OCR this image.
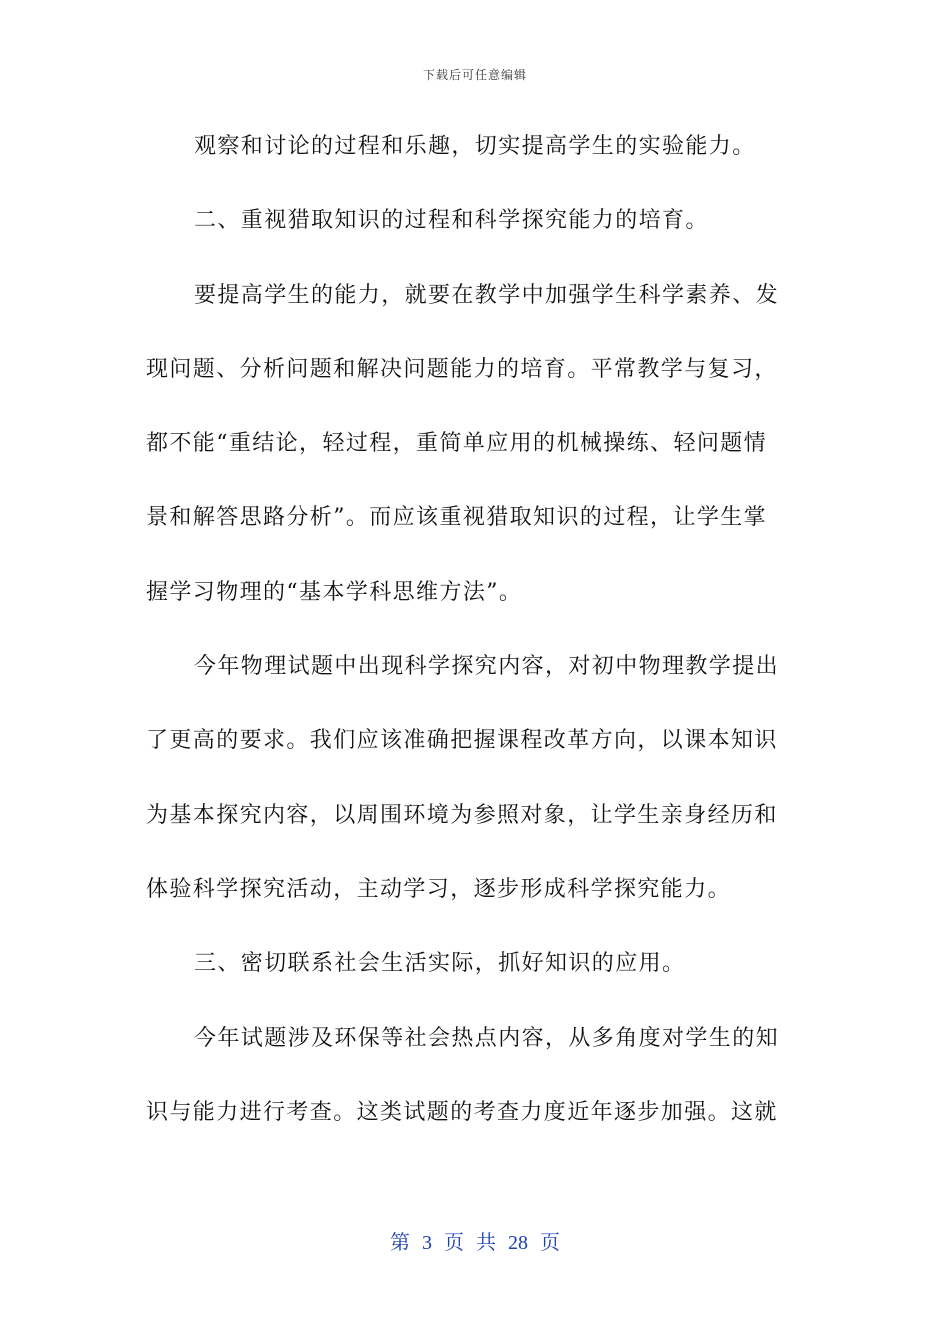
下载后可任意编辑
观察和讨论的过程和乐趣，切实提高学生的实验能力。
二、重视猎取知识的过程和科学探究能力的培育。
要提高学生的能力，就要在教学中加强学生科学素养、发
现问题、分析问题和解决问题能力的培育。平常教学与复习，
都不能“重结论，轻过程，重简单应用的机械操练、轻问题情
景和解答思路分析”。而应该重视猎取知识的过程，让学生掌
握学习物理的“基本学科思维方法”。
今年物理试题中出现科学探究内容，对初中物理教学提出
了更高的要求。我们应该准确把握课程改革方向，以课本知识
为基本探究内容，以周围环境为参照对象，让学生亲身经历和
体验科学探究活动，主动学习，逐步形成科学探究能力。
三、密切联系社会生活实际，抓好知识的应用。
今年试题涉及环保等社会热点内容，从多角度对学生的知
识与能力进行考查。这类试题的考查力度近年逐步加强。这就
第 3 页 共 28 页
